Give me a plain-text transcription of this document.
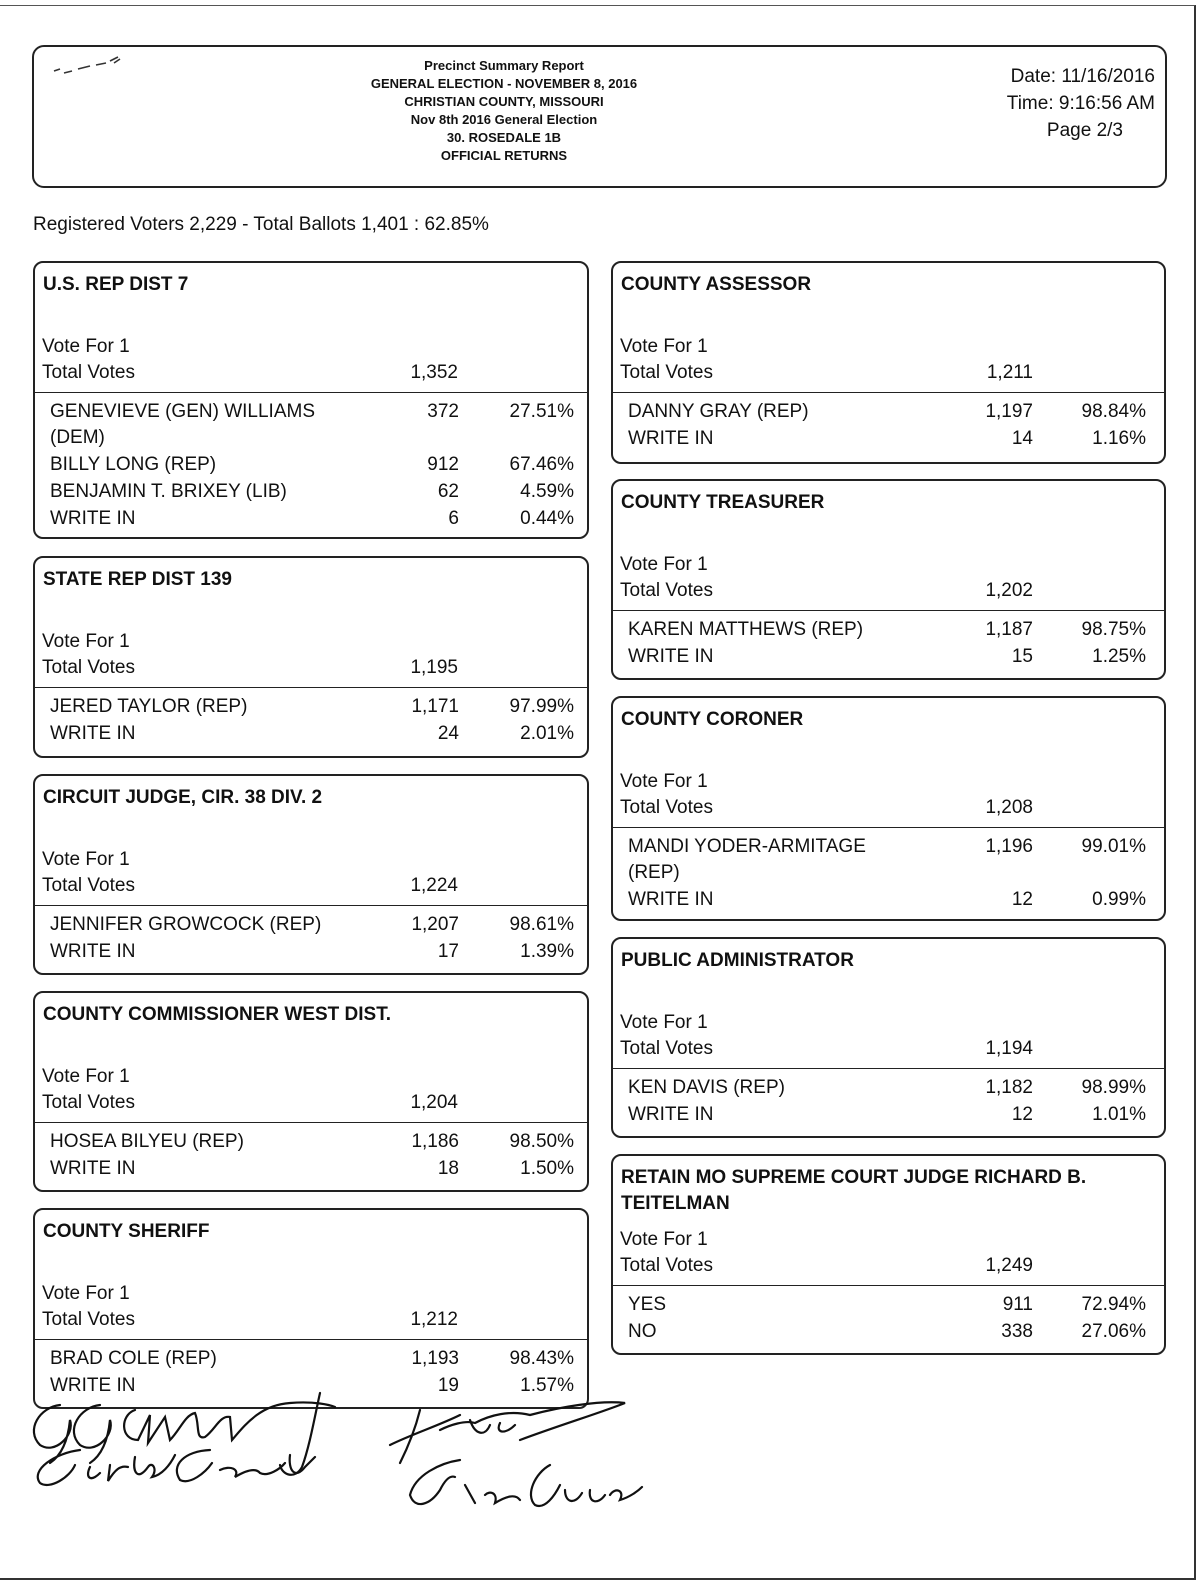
Precinct Summary Report
GENERAL ELECTION - NOVEMBER 8, 2016
CHRISTIAN COUNTY, MISSOURI
Nov 8th 2016 General Election
30. ROSEDALE 1B
OFFICIAL RETURNS
Date: 11/16/2016
Time: 9:16:56 AM
Page 2/3
Registered Voters 2,229 - Total Ballots 1,401 : 62.85%
U.S. REP DIST 7
Vote For 1
Total Votes	1,352
GENEVIEVE (GEN) WILLIAMS	372	27.51%
(DEM)
BILLY LONG (REP)	912	67.46%
BENJAMIN T. BRIXEY (LIB)	62	4.59%
WRITE IN	6	0.44%
STATE REP DIST 139
Vote For 1
Total Votes	1,195
JERED TAYLOR (REP)	1,171	97.99%
WRITE IN	24	2.01%
CIRCUIT JUDGE, CIR. 38 DIV. 2
Vote For 1
Total Votes	1,224
JENNIFER GROWCOCK (REP)	1,207	98.61%
WRITE IN	17	1.39%
COUNTY COMMISSIONER WEST DIST.
Vote For 1
Total Votes	1,204
HOSEA BILYEU (REP)	1,186	98.50%
WRITE IN	18	1.50%
COUNTY SHERIFF
Vote For 1
Total Votes	1,212
BRAD COLE (REP)	1,193	98.43%
WRITE IN	19	1.57%
COUNTY ASSESSOR
Vote For 1
Total Votes	1,211
DANNY GRAY (REP)	1,197	98.84%
WRITE IN	14	1.16%
COUNTY TREASURER
Vote For 1
Total Votes	1,202
KAREN MATTHEWS (REP)	1,187	98.75%
WRITE IN	15	1.25%
COUNTY CORONER
Vote For 1
Total Votes	1,208
MANDI YODER-ARMITAGE	1,196	99.01%
(REP)
WRITE IN	12	0.99%
PUBLIC ADMINISTRATOR
Vote For 1
Total Votes	1,194
KEN DAVIS (REP)	1,182	98.99%
WRITE IN	12	1.01%
RETAIN MO SUPREME COURT JUDGE RICHARD B. TEITELMAN
Vote For 1
Total Votes	1,249
YES	911	72.94%
NO	338	27.06%
